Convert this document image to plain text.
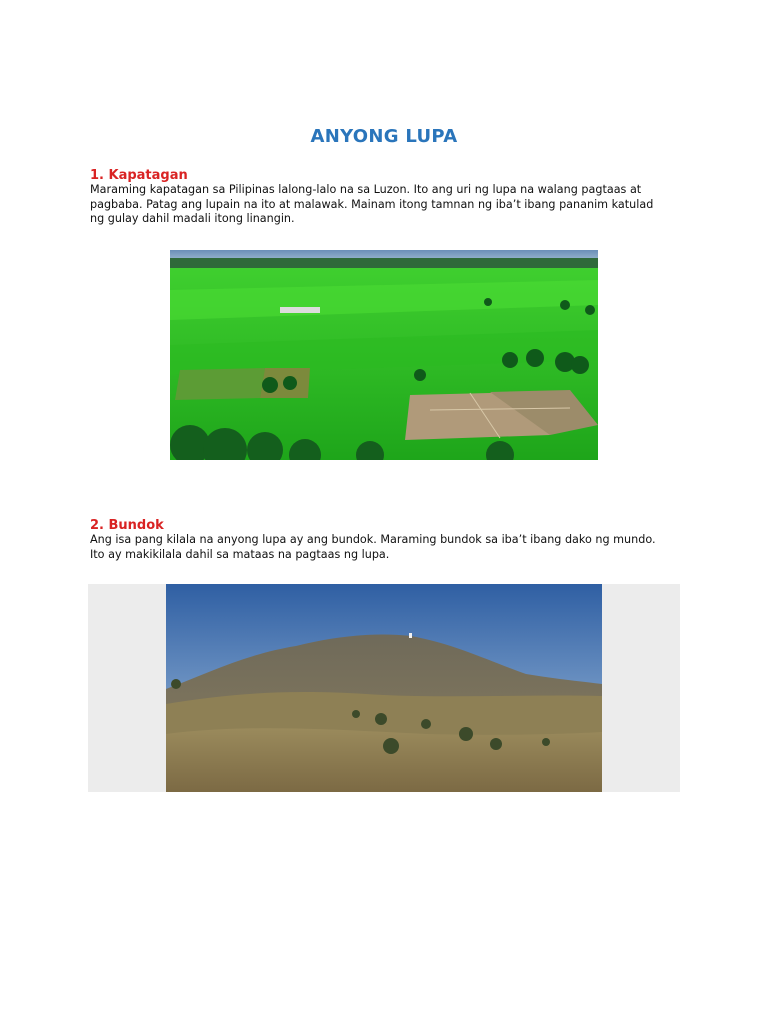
ANYONG LUPA
1. Kapatagan
Maraming kapatagan sa Pilipinas lalong-lalo na sa Luzon. Ito ang uri ng lupa na walang pagtaas at
pagbaba. Patag ang lupain na ito at malawak. Mainam itong tamnan ng iba’t ibang pananim katulad
ng gulay dahil madali itong linangin.
2. Bundok
Ang isa pang kilala na anyong lupa ay ang bundok. Maraming bundok sa iba’t ibang dako ng mundo.
Ito ay makikilala dahil sa mataas na pagtaas ng lupa.
